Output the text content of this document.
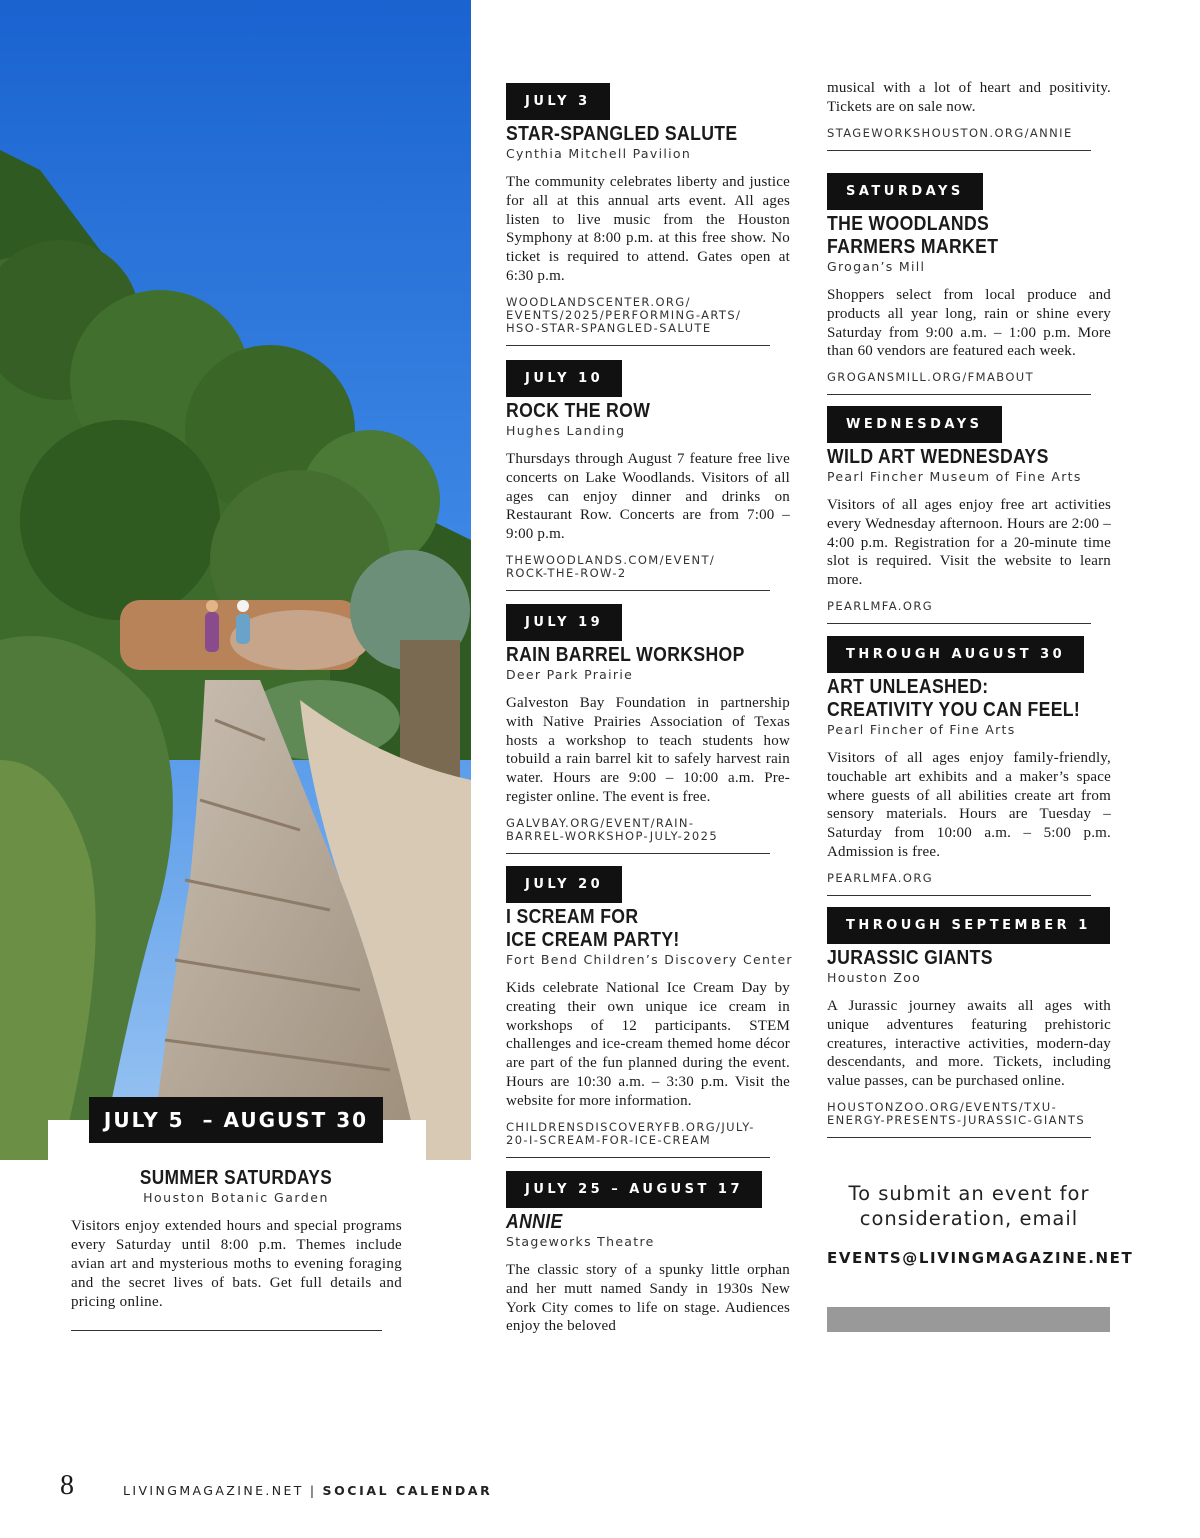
JULY 5  – AUGUST 30
SUMMER SATURDAYS
Houston Botanic Garden
Visitors enjoy extended hours and special programs every Saturday until 8:00 p.m. Themes include avian art and mysterious moths to evening foraging and the secret lives of bats. Get full details and pricing online.
JULY 3
STAR-SPANGLED SALUTE
Cynthia Mitchell Pavilion
The community celebrates liberty and justice for all at this annual arts event. All ages listen to live music from the Houston Symphony at 8:00 p.m. at this free show. No ticket is required to attend. Gates open at 6:30 p.m.
WOODLANDSCENTER.ORG/
EVENTS/2025/PERFORMING-ARTS/
HSO-STAR-SPANGLED-SALUTE
JULY 10
ROCK THE ROW
Hughes Landing
Thursdays through August 7 feature free live concerts on Lake Woodlands. Visitors of all ages can enjoy dinner and drinks on Restaurant Row. Concerts are from 7:00 – 9:00 p.m.
THEWOODLANDS.COM/EVENT/
ROCK-THE-ROW-2
JULY 19
RAIN BARREL WORKSHOP
Deer Park Prairie
Galveston Bay Foundation in partnership with Native Prairies Association of Texas hosts a workshop to teach students how tobuild a rain barrel kit to safely harvest rain water. Hours are 9:00 – 10:00 a.m. Pre-register online. The event is free.
GALVBAY.ORG/EVENT/RAIN-
BARREL-WORKSHOP-JULY-2025
JULY 20
I SCREAM FOR
ICE CREAM PARTY!
Fort Bend Children’s Discovery Center
Kids celebrate National Ice Cream Day by creating their own unique ice cream in workshops of 12 participants. STEM challenges and ice-cream themed home décor are part of the fun planned during the event. Hours are 10:30 a.m. – 3:30 p.m. Visit the website for more information.
CHILDRENSDISCOVERYFB.ORG/JULY-
20-I-SCREAM-FOR-ICE-CREAM
JULY 25 – AUGUST 17
ANNIE
Stageworks Theatre
The classic story of a spunky little orphan and her mutt named Sandy in 1930s New York City comes to life on stage. Audiences enjoy the beloved
musical with a lot of heart and positivity. Tickets are on sale now.
STAGEWORKSHOUSTON.ORG/ANNIE
SATURDAYS
THE WOODLANDS
FARMERS MARKET
Grogan’s Mill
Shoppers select from local produce and products all year long, rain or shine every Saturday from 9:00 a.m. – 1:00 p.m. More than 60 vendors are featured each week.
GROGANSMILL.ORG/FMABOUT
WEDNESDAYS
WILD ART WEDNESDAYS
Pearl Fincher Museum of Fine Arts
Visitors of all ages enjoy free art activities every Wednesday afternoon. Hours are 2:00 – 4:00 p.m. Registration for a 20-minute time slot is required. Visit the website to learn more.
PEARLMFA.ORG
THROUGH AUGUST 30
ART UNLEASHED:
CREATIVITY YOU CAN FEEL!
Pearl Fincher of Fine Arts
Visitors of all ages enjoy family-friendly, touchable art exhibits and a maker’s space where guests of all abilities create art from sensory materials. Hours are Tuesday – Saturday from 10:00 a.m. – 5:00 p.m. Admission is free.
PEARLMFA.ORG
THROUGH SEPTEMBER 1
JURASSIC GIANTS
Houston Zoo
A Jurassic journey awaits all ages with unique adventures featuring prehistoric creatures, interactive activities, modern-day descendants, and more. Tickets, including value passes, can be purchased online.
HOUSTONZOO.ORG/EVENTS/TXU-
ENERGY-PRESENTS-JURASSIC-GIANTS
To submit an event for consideration, email
EVENTS@LIVINGMAGAZINE.NET
8	LIVINGMAGAZINE.NET | SOCIAL CALENDAR
